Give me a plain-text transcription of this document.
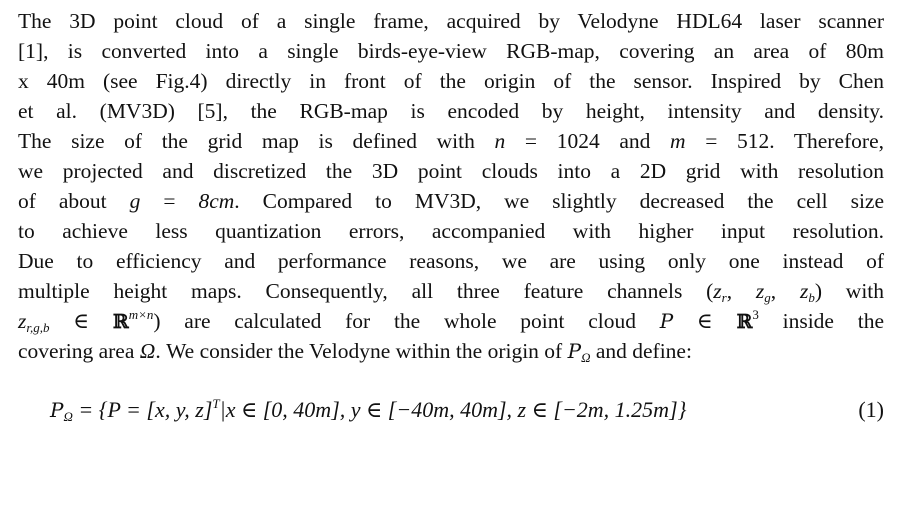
The 3D point cloud of a single frame, acquired by Velodyne HDL64 laser scanner
[1], is converted into a single birds-eye-view RGB-map, covering an area of 80m
x 40m (see Fig.4) directly in front of the origin of the sensor. Inspired by Chen
et al. (MV3D) [5], the RGB-map is encoded by height, intensity and density.
The size of the grid map is defined with n = 1024 and m = 512. Therefore,
we projected and discretized the 3D point clouds into a 2D grid with resolution
of about g = 8cm. Compared to MV3D, we slightly decreased the cell size
to achieve less quantization errors, accompanied with higher input resolution.
Due to efficiency and performance reasons, we are using only one instead of
multiple height maps. Consequently, all three feature channels ($z_r$, $z_g$, $z_b$) with
$z_{r,g,b}$ ∈ ℝ$^{m\times n}$) are calculated for the whole point cloud P ∈ ℝ$^3$ inside the
covering area Ω. We consider the Velodyne within the origin of $P_\Omega$ and define:
$P_\Omega = \{P = [x$, y, z]$^T$|x ∈ [0, 40m], y ∈ [−40m, 40m], z ∈ [−2m, 1.25m]}	(1)
